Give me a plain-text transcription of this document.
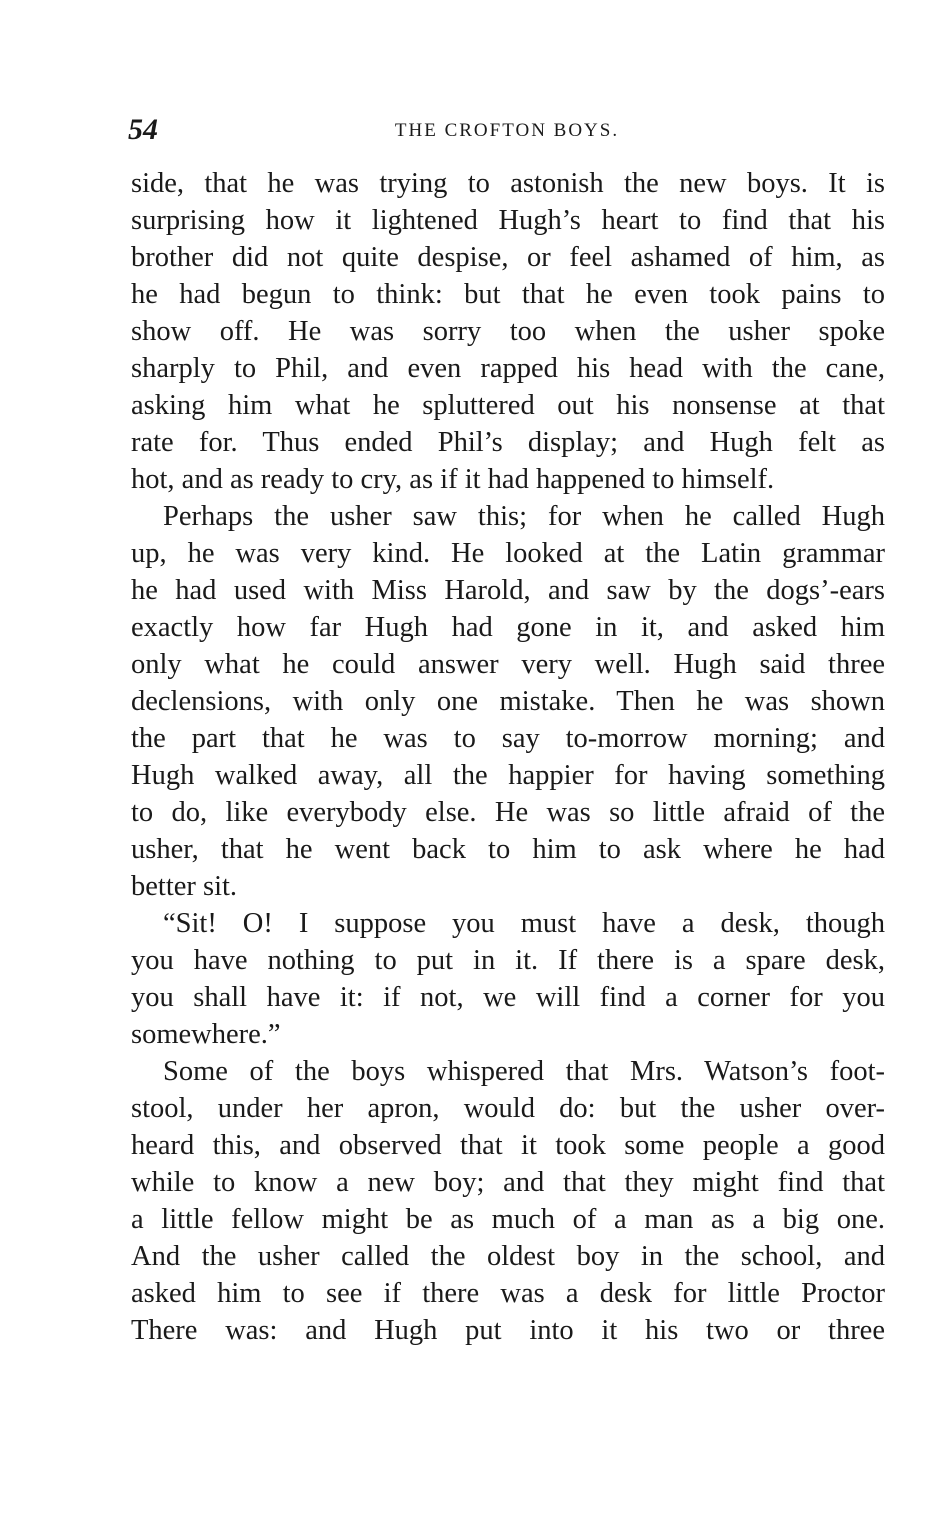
54	THE CROFTON BOYS.
side, that he was trying to astonish the new boys. It is
surprising how it lightened Hugh’s heart to find that his
brother did not quite despise, or feel ashamed of him, as
he had begun to think: but that he even took pains to
show off. He was sorry too when the usher spoke
sharply to Phil, and even rapped his head with the cane,
asking him what he spluttered out his nonsense at that
rate for. Thus ended Phil’s display; and Hugh felt as
hot, and as ready to cry, as if it had happened to himself.
Perhaps the usher saw this; for when he called Hugh
up, he was very kind. He looked at the Latin grammar
he had used with Miss Harold, and saw by the dogs’-ears
exactly how far Hugh had gone in it, and asked him
only what he could answer very well. Hugh said three
declensions, with only one mistake. Then he was shown
the part that he was to say to-morrow morning; and
Hugh walked away, all the happier for having something
to do, like everybody else. He was so little afraid of the
usher, that he went back to him to ask where he had
better sit.
“Sit! O! I suppose you must have a desk, though
you have nothing to put in it. If there is a spare desk,
you shall have it: if not, we will find a corner for you
somewhere.”
Some of the boys whispered that Mrs. Watson’s foot-
stool, under her apron, would do: but the usher over-
heard this, and observed that it took some people a good
while to know a new boy; and that they might find that
a little fellow might be as much of a man as a big one.
And the usher called the oldest boy in the school, and
asked him to see if there was a desk for little Proctor
There was: and Hugh put into it his two or three
